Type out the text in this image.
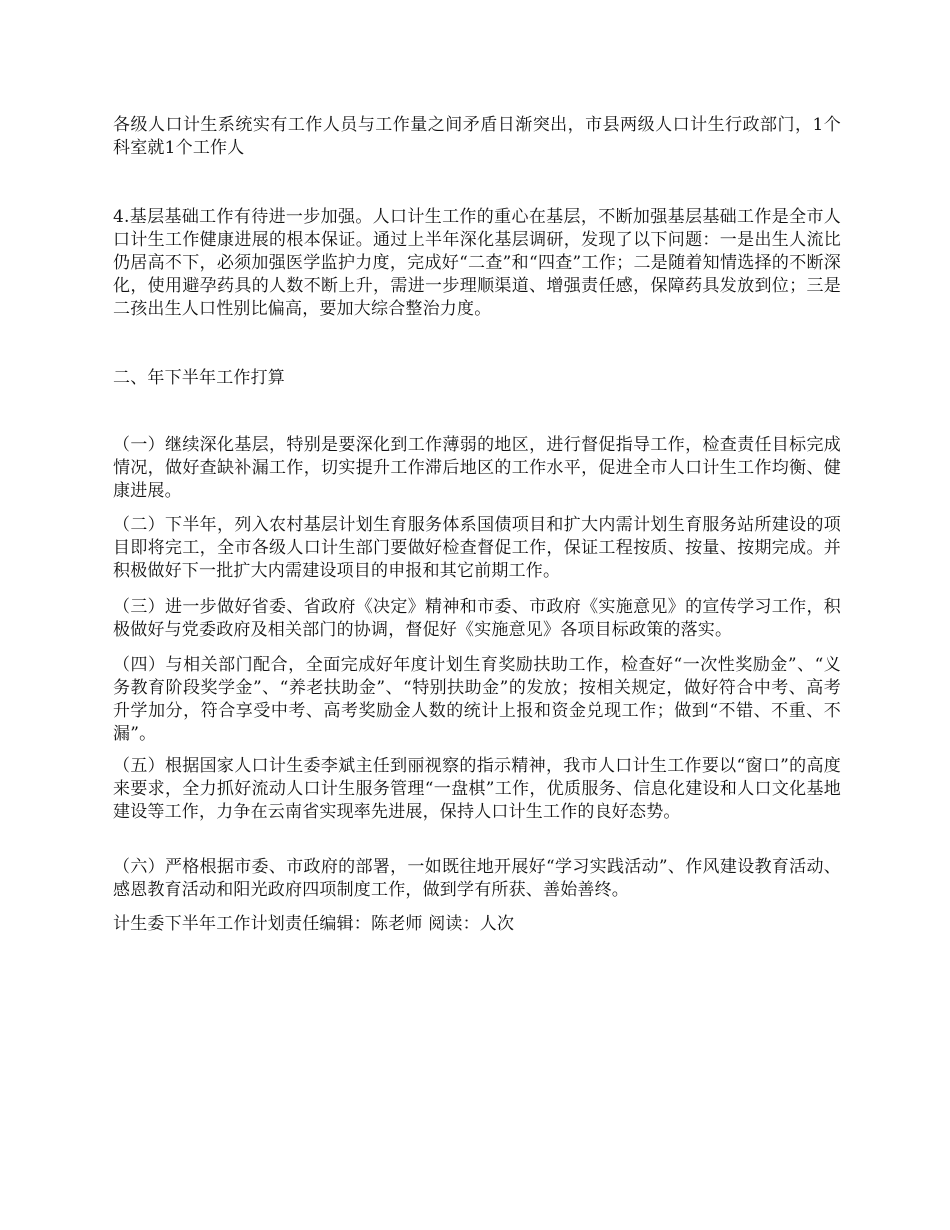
各级人口计生系统实有工作人员与工作量之间矛盾日渐突出，市县两级人口计生行政部门，1个科室就1个工作人

4.基层基础工作有待进一步加强。人口计生工作的重心在基层，不断加强基层基础工作是全市人口计生工作健康进展的根本保证。通过上半年深化基层调研，发现了以下问题：一是出生人流比仍居高不下，必须加强医学监护力度，完成好“二查”和“四查”工作；二是随着知情选择的不断深化，使用避孕药具的人数不断上升，需进一步理顺渠道、增强责任感，保障药具发放到位；三是二孩出生人口性别比偏高，要加大综合整治力度。

二、年下半年工作打算

（一）继续深化基层，特别是要深化到工作薄弱的地区，进行督促指导工作，检查责任目标完成情况，做好查缺补漏工作，切实提升工作滞后地区的工作水平，促进全市人口计生工作均衡、健康进展。

（二）下半年，列入农村基层计划生育服务体系国债项目和扩大内需计划生育服务站所建设的项目即将完工，全市各级人口计生部门要做好检查督促工作，保证工程按质、按量、按期完成。并积极做好下一批扩大内需建设项目的申报和其它前期工作。

（三）进一步做好省委、省政府《决定》精神和市委、市政府《实施意见》的宣传学习工作，积极做好与党委政府及相关部门的协调，督促好《实施意见》各项目标政策的落实。

（四）与相关部门配合，全面完成好年度计划生育奖励扶助工作，检查好“一次性奖励金”、“义务教育阶段奖学金”、“养老扶助金”、“特别扶助金”的发放；按相关规定，做好符合中考、高考升学加分，符合享受中考、高考奖励金人数的统计上报和资金兑现工作；做到“不错、不重、不漏”。

（五）根据国家人口计生委李斌主任到丽视察的指示精神，我市人口计生工作要以“窗口”的高度来要求，全力抓好流动人口计生服务管理“一盘棋”工作，优质服务、信息化建设和人口文化基地建设等工作，力争在云南省实现率先进展，保持人口计生工作的良好态势。

（六）严格根据市委、市政府的部署，一如既往地开展好“学习实践活动”、作风建设教育活动、感恩教育活动和阳光政府四项制度工作，做到学有所获、善始善终。

计生委下半年工作计划责任编辑：陈老师 阅读：人次
